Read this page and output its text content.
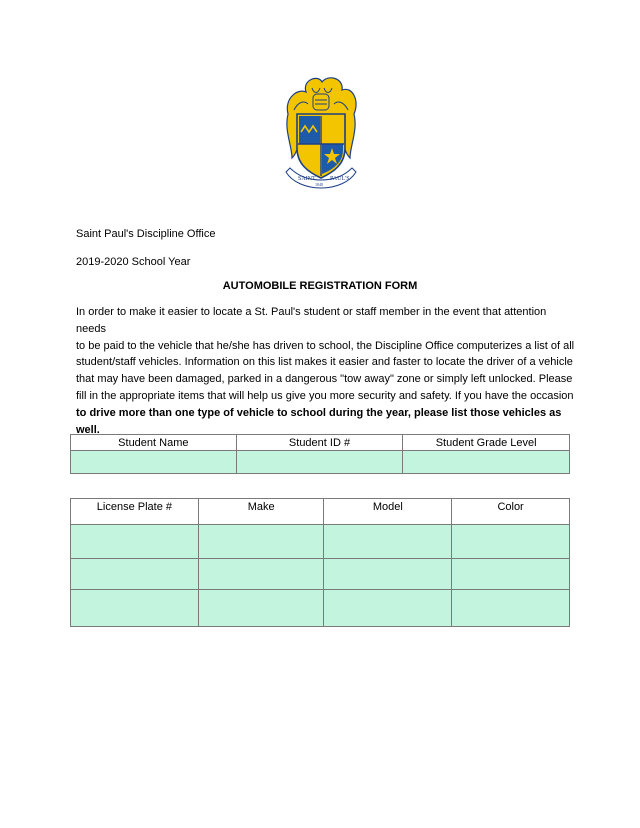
SAINT PAUL'S
1848
Saint Paul's Discipline Office
2019-2020 School Year
AUTOMOBILE REGISTRATION FORM
In order to make it easier to locate a St. Paul's student or staff member in the event that attention needs
to be paid to the vehicle that he/she has driven to school, the Discipline Office computerizes a list of all
student/staff vehicles. Information on this list makes it easier and faster to locate the driver of a vehicle
that may have been damaged, parked in a dangerous "tow away" zone or simply left unlocked. Please
fill in the appropriate items that will help us give you more security and safety. If you have the occasion
to drive more than one type of vehicle to school during the year, please list those vehicles as well.
Student Name	Student ID #	Student Grade Level

License Plate #	Make	Model	Color
